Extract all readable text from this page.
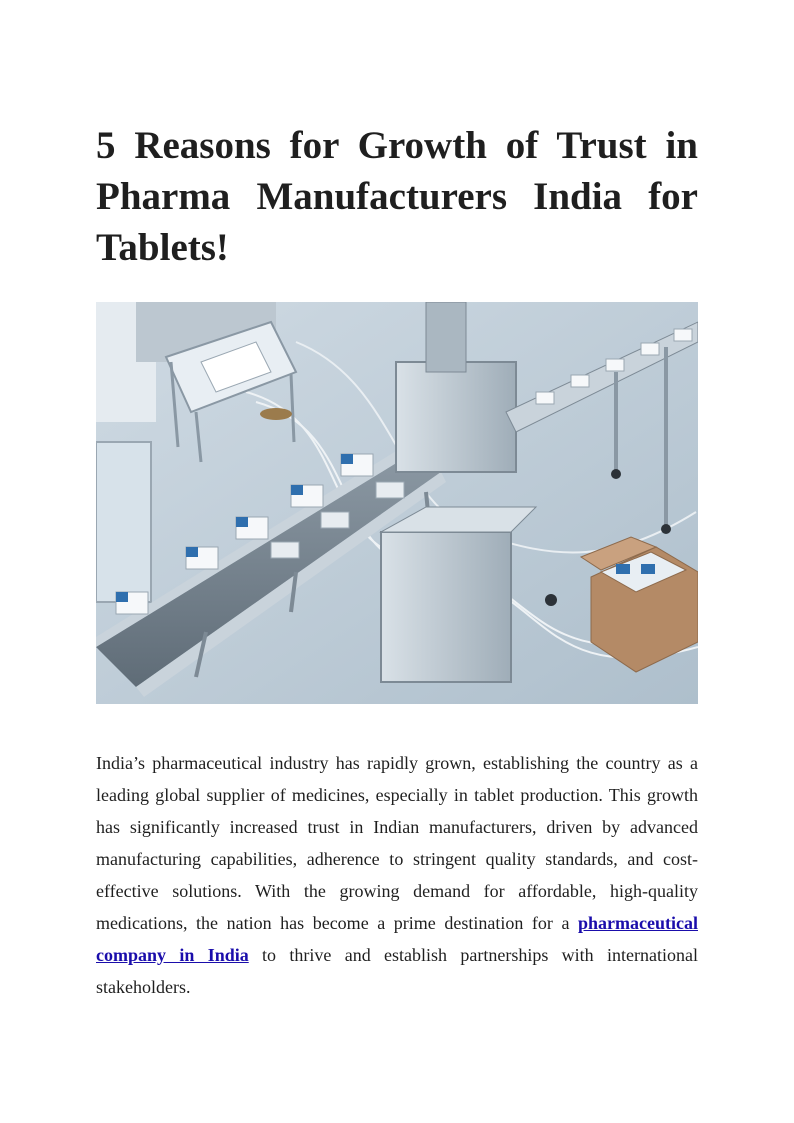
5 Reasons for Growth of Trust in Pharma Manufacturers India for Tablets!

India’s pharmaceutical industry has rapidly grown, establishing the country as a leading global supplier of medicines, especially in tablet production. This growth has significantly increased trust in Indian manufacturers, driven by advanced manufacturing capabilities, adherence to stringent quality standards, and cost-effective solutions. With the growing demand for affordable, high-quality medications, the nation has become a prime destination for a pharmaceutical company in India to thrive and establish partnerships with international stakeholders.
